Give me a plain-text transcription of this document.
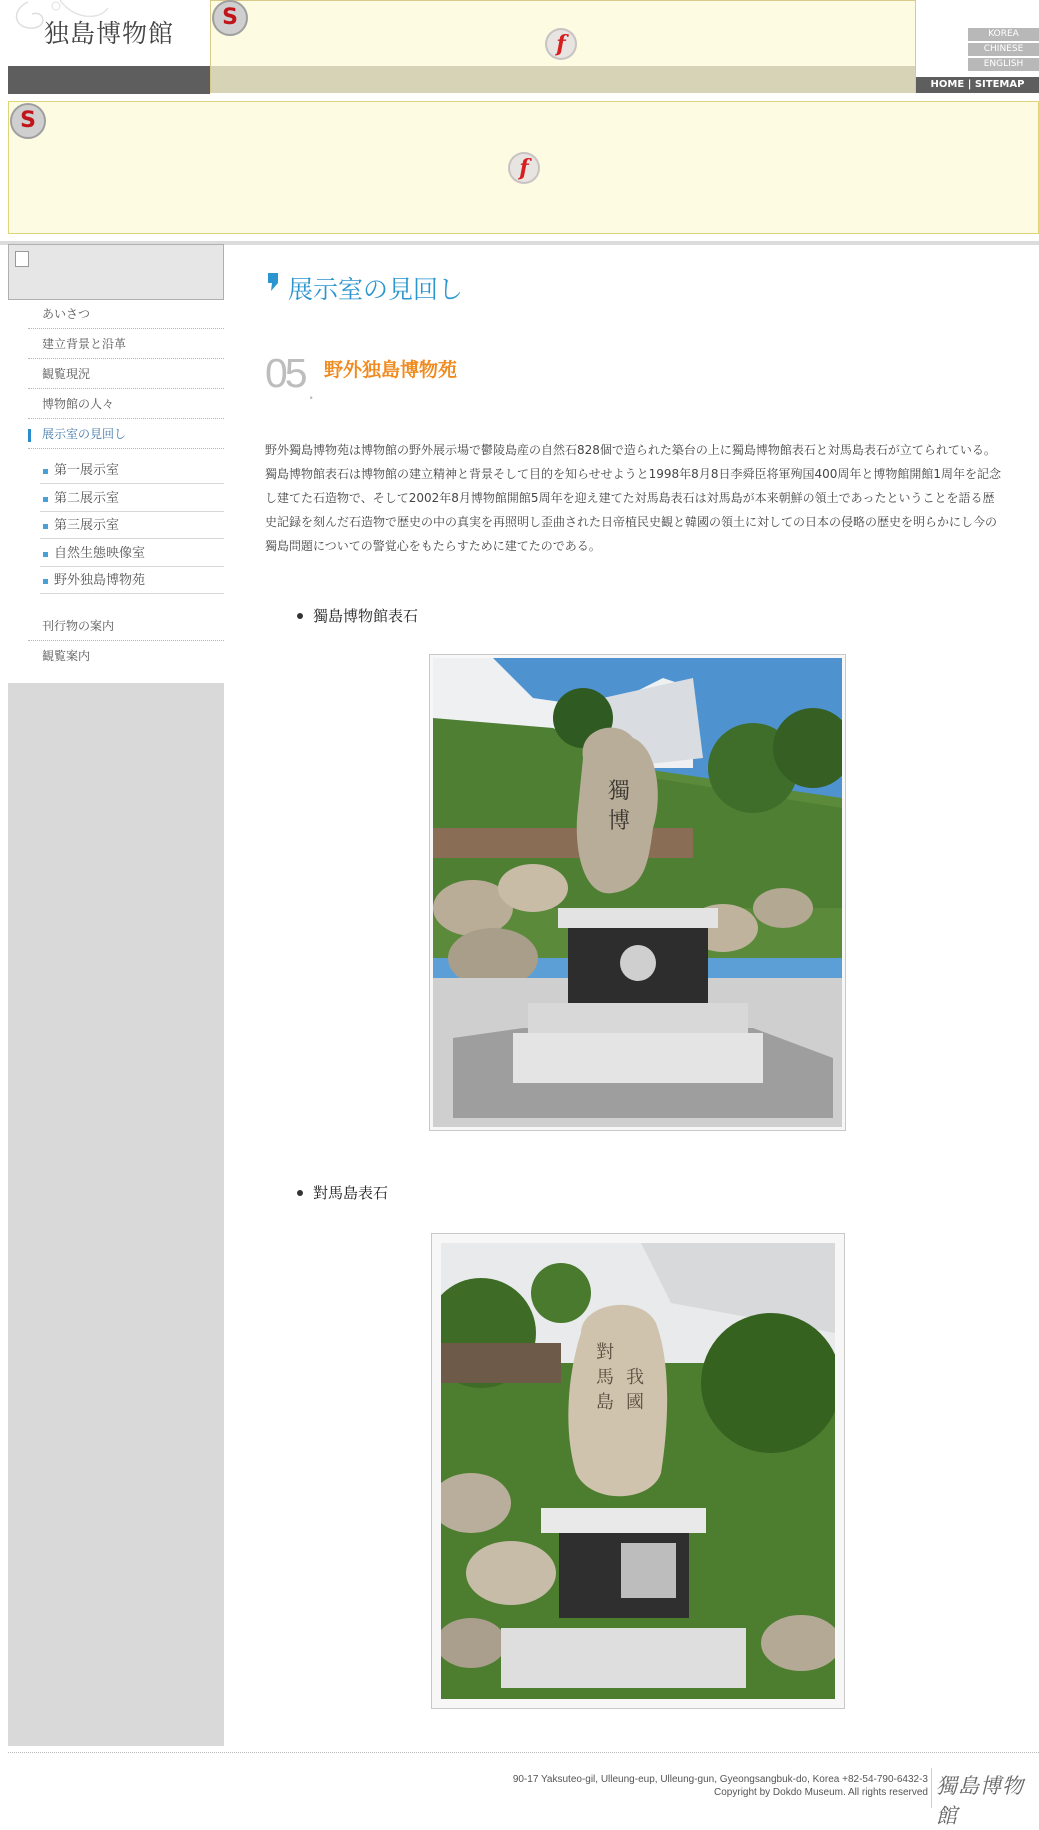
独島博物館
S
f	KOREA
CHINESE
ENGLISH
HOME | SITEMAP
S
f
あいさつ
建立背景と沿革
観覧現況
博物館の人々
展示室の見回し
第一展示室
第二展示室
第三展示室
自然生態映像室
野外独島博物苑
刊行物の案内
観覧案内
展示室の見回し
05 .
野外独島博物苑
野外獨島博物苑は博物館の野外展示場で鬱陵島産の自然石828個で造られた築台の上に獨島博物館表石と対馬島表石が立てられている。獨島博物館表石は博物館の建立精神と背景そして目的を知らせせようと1998年8月8日李舜臣将軍殉国400周年と博物館開館1周年を記念し建てた石造物で、そして2002年8月博物館開館5周年を迎え建てた対馬島表石は対馬島が本来朝鮮の領土であったということを語る歴史記録を刻んだ石造物で歴史の中の真実を再照明し歪曲された日帝植民史観と韓國の領土に対しての日本の侵略の歴史を明らかにし今の獨島問題についての警覚心をもたらすために建てたのである。
獨島博物館表石
獨
博
對馬島表石
對
馬
島
我
國
90-17 Yaksuteo-gil, Ulleung-eup, Ulleung-gun, Gyeongsangbuk-do, Korea +82-54-790-6432-3
Copyright by Dokdo Museum. All rights reserved 獨島博物館
